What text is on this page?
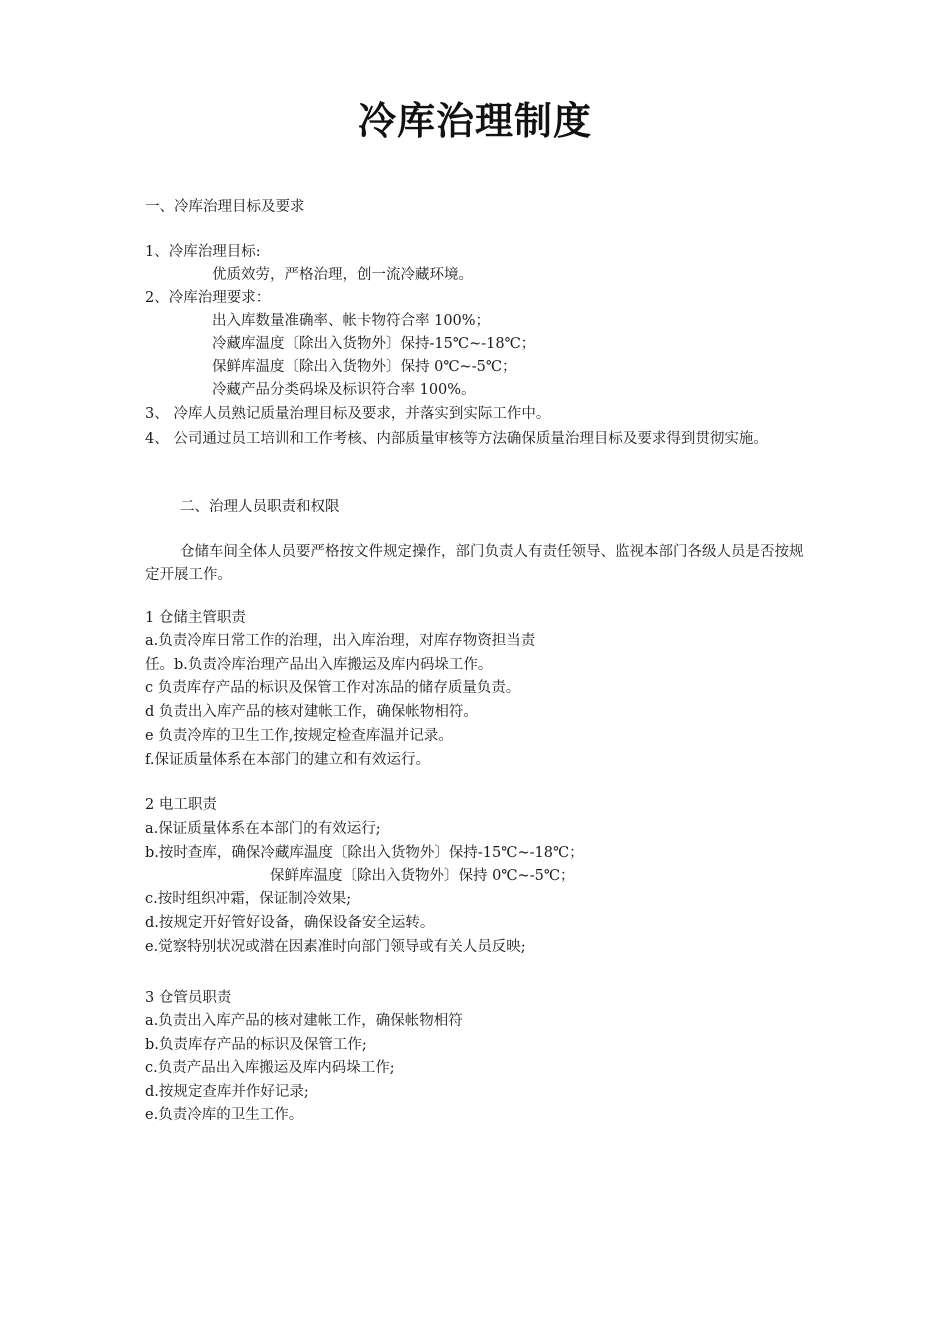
冷库治理制度
一、冷库治理目标及要求
1、冷库治理目标:
优质效劳，严格治理，创一流冷藏环境。
2、冷库治理要求：
出入库数量准确率、帐卡物符合率 100%；
冷藏库温度〔除出入货物外〕保持-15℃~-18℃；
保鲜库温度〔除出入货物外〕保持 0℃~-5℃；
冷藏产品分类码垛及标识符合率 100%。
3、 冷库人员熟记质量治理目标及要求，并落实到实际工作中。
4、 公司通过员工培训和工作考核、内部质量审核等方法确保质量治理目标及要求得到贯彻实施。
二、治理人员职责和权限
仓储车间全体人员要严格按文件规定操作，部门负责人有责任领导、监视本部门各级人员是否按规定开展工作。
1 仓储主管职责
a.负责冷库日常工作的治理，出入库治理，对库存物资担当责
任。b.负责冷库治理产品出入库搬运及库内码垛工作。
c 负责库存产品的标识及保管工作对冻品的储存质量负责。
d 负责出入库产品的核对建帐工作，确保帐物相符。
e 负责冷库的卫生工作,按规定检查库温并记录。
f.保证质量体系在本部门的建立和有效运行。
2 电工职责
a.保证质量体系在本部门的有效运行;
b.按时查库，确保冷藏库温度〔除出入货物外〕保持-15℃~-18℃；
保鲜库温度〔除出入货物外〕保持 0℃~-5℃；
c.按时组织冲霜，保证制冷效果;
d.按规定开好管好设备，确保设备安全运转。
e.觉察特别状况或潜在因素准时向部门领导或有关人员反映;
3 仓管员职责
a.负责出入库产品的核对建帐工作，确保帐物相符
b.负责库存产品的标识及保管工作;
c.负责产品出入库搬运及库内码垛工作;
d.按规定查库并作好记录;
e.负责冷库的卫生工作。
